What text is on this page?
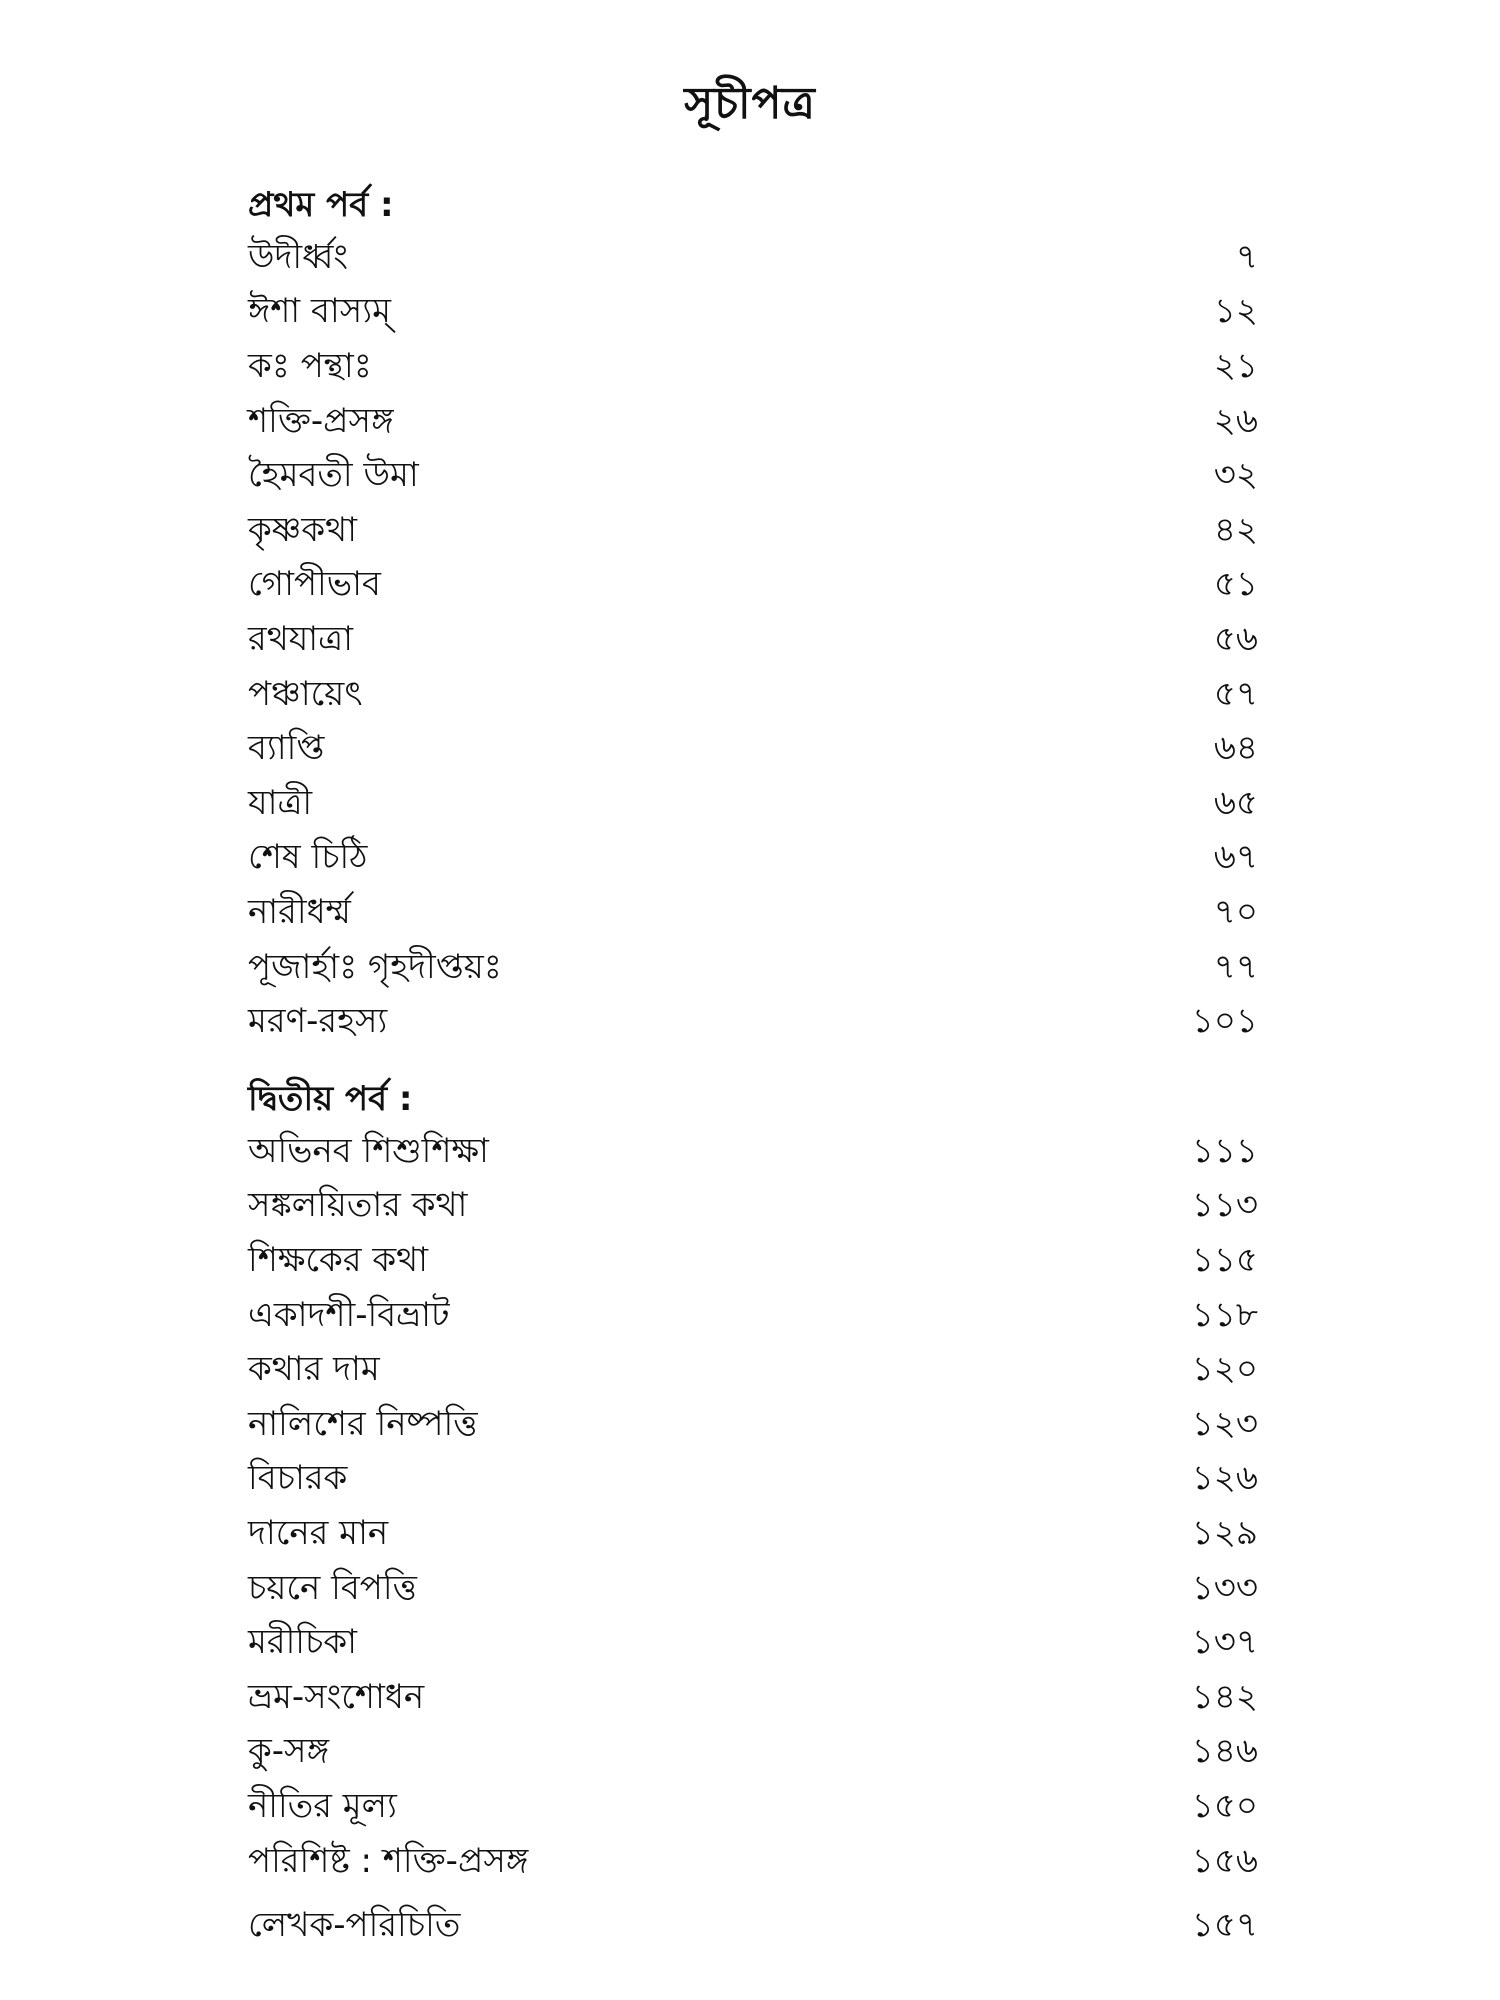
সূচীপত্র
প্রথম পর্ব :
উদীর্ধ্বং	৭
ঈশা বাস্যম্	১২
কঃ পন্থাঃ	২১
শক্তি-প্রসঙ্গ	২৬
হৈমবতী উমা	৩২
কৃষ্ণকথা	৪২
গোপীভাব	৫১
রথযাত্রা	৫৬
পঞ্চায়েৎ	৫৭
ব্যাপ্তি	৬৪
যাত্রী	৬৫
শেষ চিঠি	৬৭
নারীধর্ম্ম	৭০
পূজার্হাঃ গৃহদীপ্তয়ঃ	৭৭
মরণ-রহস্য	১০১
দ্বিতীয় পর্ব :
অভিনব শিশুশিক্ষা	১১১
সঙ্কলয়িতার কথা	১১৩
শিক্ষকের কথা	১১৫
একাদশী-বিভ্রাট	১১৮
কথার দাম	১২০
নালিশের নিষ্পত্তি	১২৩
বিচারক	১২৬
দানের মান	১২৯
চয়নে বিপত্তি	১৩৩
মরীচিকা	১৩৭
ভ্রম-সংশোধন	১৪২
কু-সঙ্গ	১৪৬
নীতির মূল্য	১৫০
পরিশিষ্ট : শক্তি-প্রসঙ্গ	১৫৬
লেখক-পরিচিতি	১৫৭
